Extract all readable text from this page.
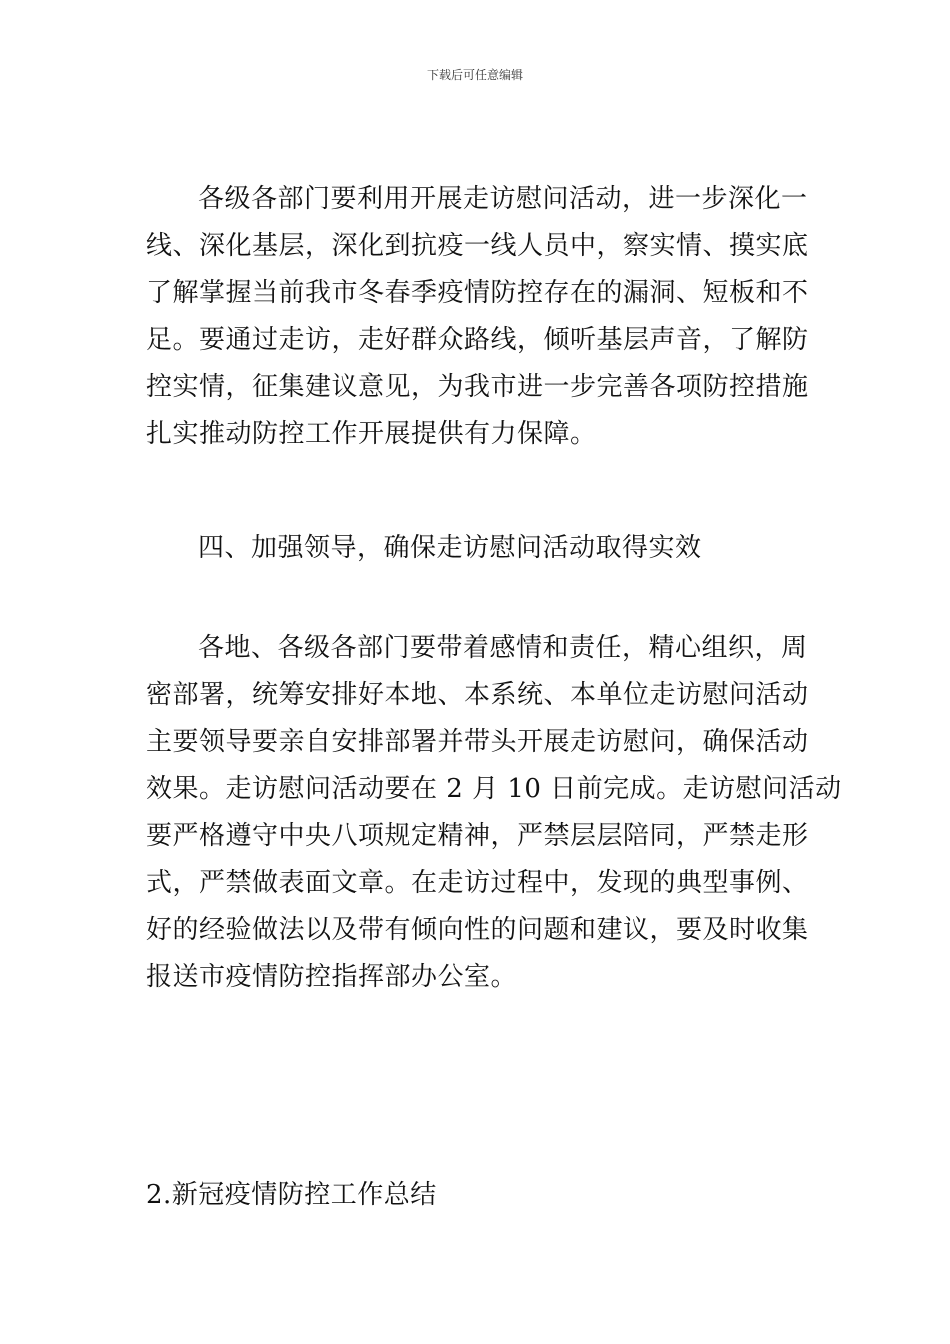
下载后可任意编辑
各级各部门要利用开展走访慰问活动，进一步深化一
线、深化基层，深化到抗疫一线人员中，察实情、摸实底
了解掌握当前我市冬春季疫情防控存在的漏洞、短板和不
足。要通过走访，走好群众路线，倾听基层声音，了解防
控实情，征集建议意见，为我市进一步完善各项防控措施
扎实推动防控工作开展提供有力保障。
四、加强领导，确保走访慰问活动取得实效
各地、各级各部门要带着感情和责任，精心组织，周
密部署，统筹安排好本地、本系统、本单位走访慰问活动
主要领导要亲自安排部署并带头开展走访慰问，确保活动
效果。走访慰问活动要在 2 月 10 日前完成。走访慰问活动
要严格遵守中央八项规定精神，严禁层层陪同，严禁走形
式，严禁做表面文章。在走访过程中，发现的典型事例、
好的经验做法以及带有倾向性的问题和建议，要及时收集
报送市疫情防控指挥部办公室。
2.新冠疫情防控工作总结
